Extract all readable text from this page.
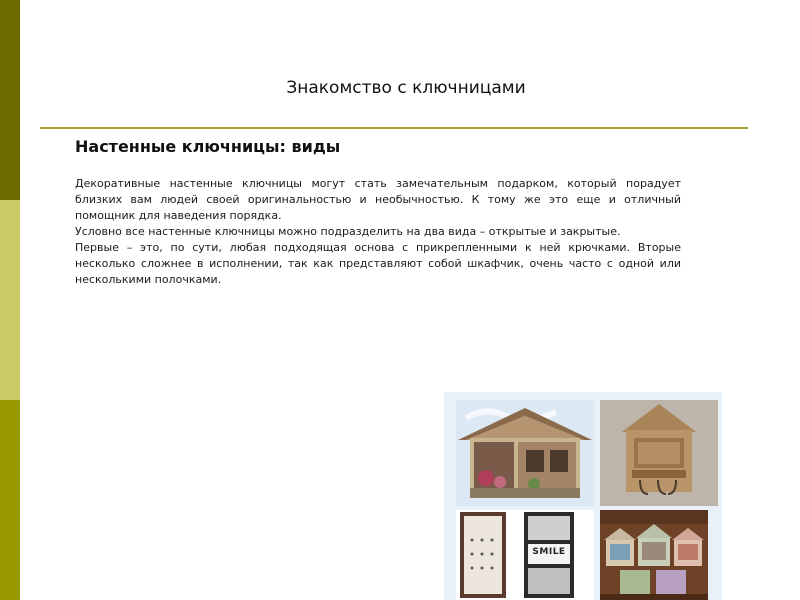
Знакомство с ключницами
Настенные ключницы: виды

Декоративные настенные ключницы могут стать замечательным подарком, который порадует близких вам людей своей оригинальностью и необычностью. К тому же это еще и отличный помощник для наведения порядка.

Условно все настенные ключницы можно подразделить на два вида – открытые и закрытые.

Первые – это, по сути, любая подходящая основа с прикрепленными к ней крючками. Вторые несколько сложнее в исполнении, так как представляют собой шкафчик, очень часто с одной или несколькими полочками.

SMILE
